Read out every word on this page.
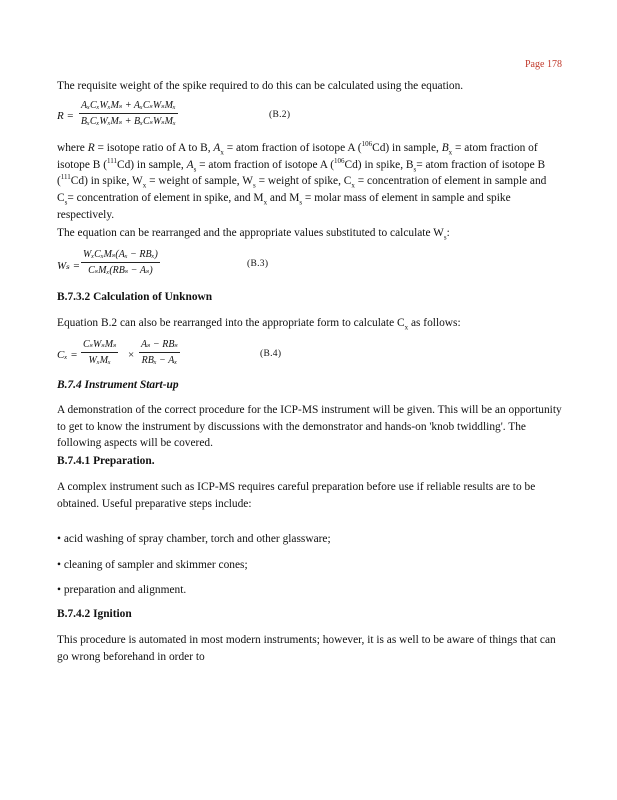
Page 178
The requisite weight of the spike required to do this can be calculated using the equation.
R =
AₓCₓWₓMₛ + AₓCₛWₛMₓ
BₓCₓWₓMₛ + BₓCₛWₛMₓ
(B.2)
where R = isotope ratio of A to B, $A_x$ = atom fraction of isotope A ($^{106}$Cd) in sample, $B_x$ = atom fraction of isotope B ($^{111}$Cd) in sample, $A_s$ = atom fraction of isotope A ($^{106}$Cd) in spike, $B_s=$ atom fraction of isotope B ($^{111}$Cd) in spike, $W_x$ = weight of sample, $W_s$ = weight of spike, $C_x$ = concentration of element in sample and $C_s=$ concentration of element in spike, and $M_x$ and $M_s$ = molar mass of element in sample and spike respectively.
The equation can be rearranged and the appropriate values substituted to calculate $W_s$:
Wₛ =
WₓCₓMₛ(Aₓ − RBₓ)
CₛMₓ(RBₛ − Aₛ)
(B.3)
B.7.3.2 Calculation of Unknown
Equation B.2 can also be rearranged into the appropriate form to calculate $C_x$ as follows:
Cₓ =
CₛWₛMₛ
WₓMₓ ×
Aₛ − RBₛ
RBₓ − Aₓ
(B.4)
B.7.4 Instrument Start-up
A demonstration of the correct procedure for the ICP-MS instrument will be given. This will be an opportunity to get to know the instrument by discussions with the demonstrator and hands-on 'knob twiddling'. The following aspects will be covered.
B.7.4.1 Preparation.
A complex instrument such as ICP-MS requires careful preparation before use if reliable results are to be obtained. Useful preparative steps include:
• acid washing of spray chamber, torch and other glassware;
• cleaning of sampler and skimmer cones;
• preparation and alignment.
B.7.4.2 Ignition
This procedure is automated in most modern instruments; however, it is as well to be aware of things that can go wrong beforehand in order to
